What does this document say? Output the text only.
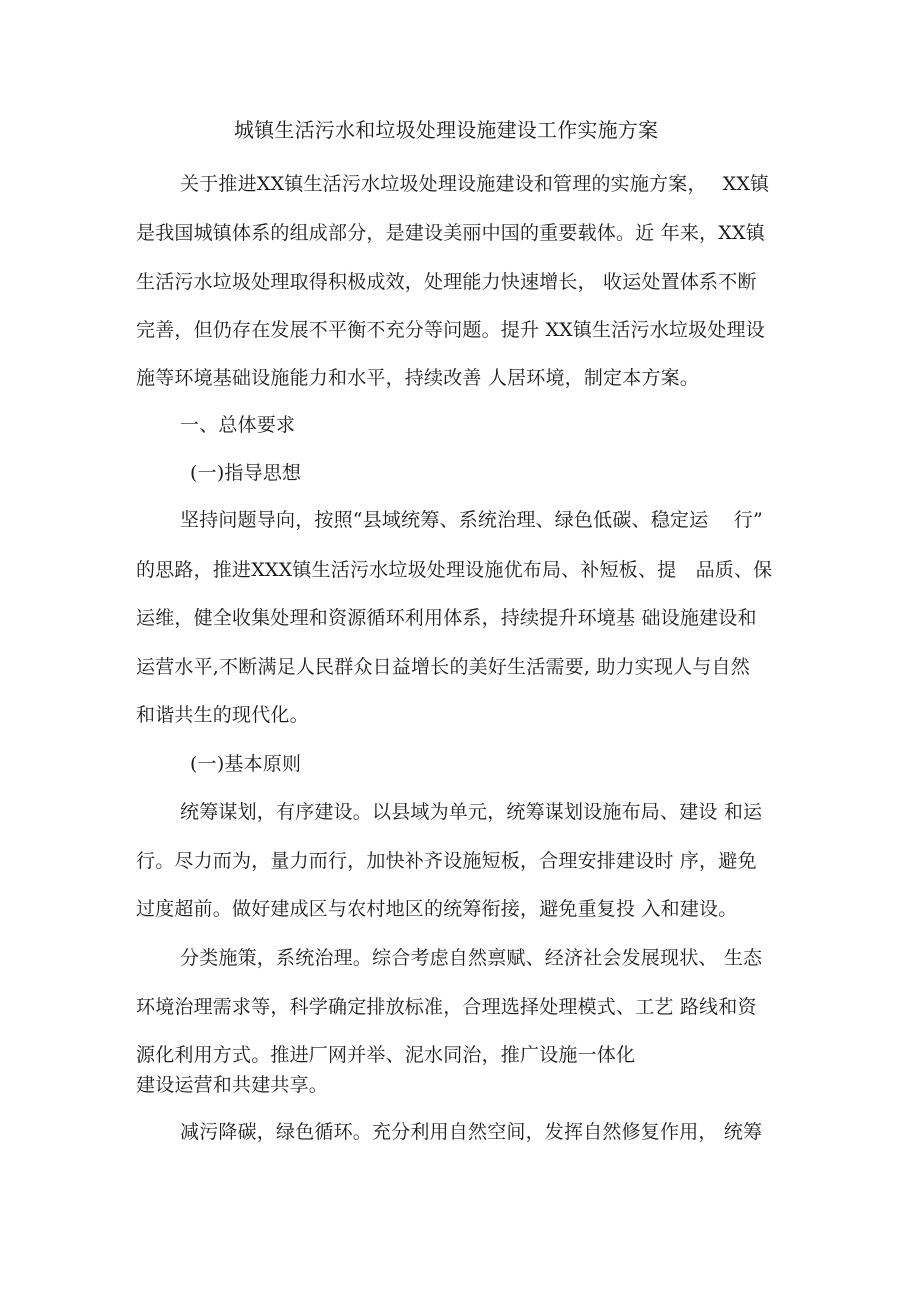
城镇生活污水和垃圾处理设施建设工作实施方案
关于推进XX镇生活污水垃圾处理设施建设和管理的实施方案，　 XX镇
是我国城镇体系的组成部分，是建设美丽中国的重要载体。近 年来，XX镇
生活污水垃圾处理取得积极成效，处理能力快速增长， 收运处置体系不断
完善，但仍存在发展不平衡不充分等问题。提升 XX镇生活污水垃圾处理设
施等环境基础设施能力和水平，持续改善 人居环境，制定本方案。
一、总体要求
(一)指导思想
坚持问题导向，按照“县域统筹、系统治理、绿色低碳、稳定运　 行”
的思路，推进XXX镇生活污水垃圾处理设施优布局、补短板、提　品质、保
运维，健全收集处理和资源循环利用体系，持续提升环境基 础设施建设和
运营水平,不断满足人民群众日益增长的美好生活需要, 助力实现人与自然
和谐共生的现代化。
(一)基本原则
统筹谋划，有序建设。以县域为单元，统筹谋划设施布局、建设 和运
行。尽力而为，量力而行，加快补齐设施短板，合理安排建设时 序，避免
过度超前。做好建成区与农村地区的统筹衔接，避免重复投 入和建设。
分类施策，系统治理。综合考虑自然禀赋、经济社会发展现状、 生态
环境治理需求等，科学确定排放标准，合理选择处理模式、工艺 路线和资
源化利用方式。推进厂网并举、泥水同治，推广设施一体化
建设运营和共建共享。
减污降碳，绿色循环。充分利用自然空间，发挥自然修复作用， 统筹
